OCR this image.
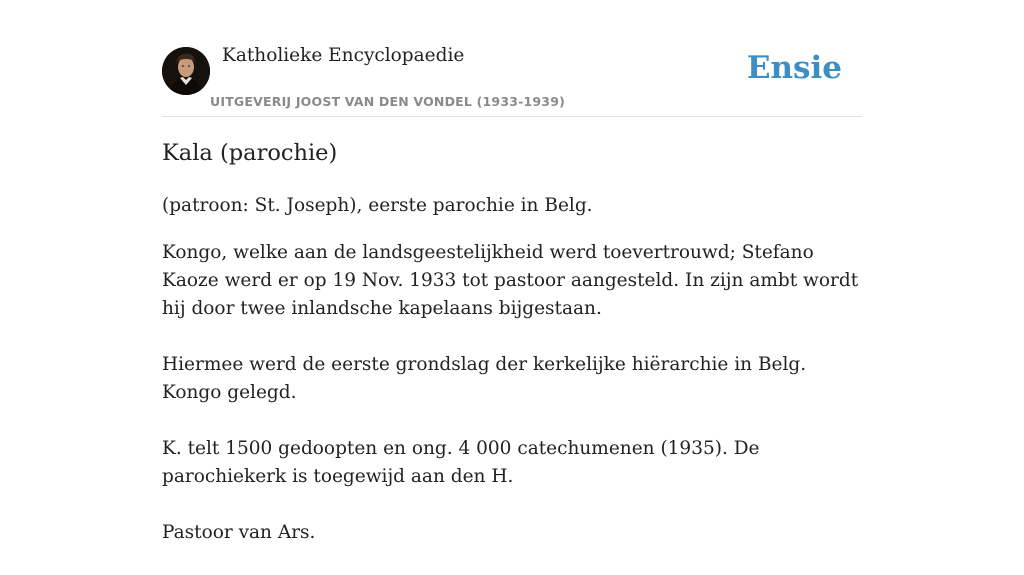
Katholieke Encyclopaedie
UITGEVERIJ JOOST VAN DEN VONDEL (1933-1939)
Ensie
Kala (parochie)

(patroon: St. Joseph), eerste parochie in Belg.

Kongo, welke aan de landsgeestelijkheid werd toevertrouwd; Stefano Kaoze werd er op 19 Nov. 1933 tot pastoor aangesteld. In zijn ambt wordt hij door twee inlandsche kapelaans bijgestaan.

Hiermee werd de eerste grondslag der kerkelijke hiërarchie in Belg. Kongo gelegd.

K. telt 1500 gedoopten en ong. 4 000 catechumenen (1935). De parochiekerk is toegewijd aan den H.

Pastoor van Ars.
